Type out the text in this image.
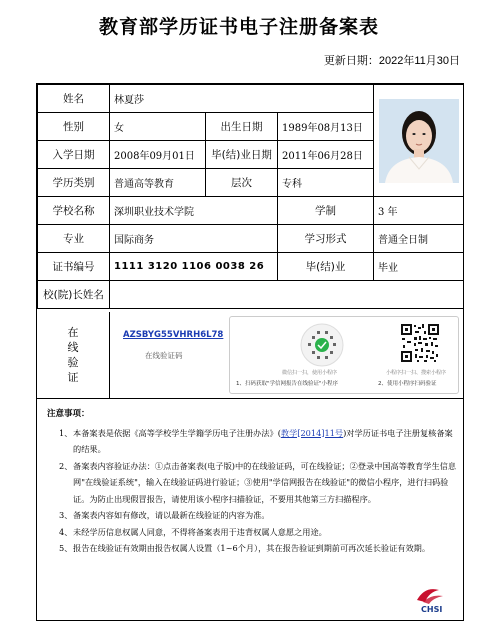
教育部学历证书电子注册备案表
更新日期：2022年11月30日
姓名	林夏莎	

性别	女	出生日期	1989年08月13日	
入学日期	2008年09月01日	毕(结)业日期	2011年06月28日	
学历类别	普通高等教育	层次	专科	
学校名称	深圳职业技术学院		学制	3 年
专业	国际商务		学习形式	普通全日制
证书编号	1111 3120 1106 0038 26		毕(结)业	毕业
校(院)长姓名				
在
线
验
证
AZSBYG55VHRH6L78
在线验证码
微信扫一扫，使用小程序
1、扫码获取"学信网报告在线验证"小程序
小程序扫一扫、搜索小程序
2、使用小程序扫码验证
注意事项：
1、 本备案表是依据《高等学校学生学籍学历电子注册办法》(教学[2014]11号)对学历证书电子注册复核备案的结果。
2、 备案表内容验证办法：①点击备案表(电子版)中的在线验证码，可在线验证；②登录中国高等教育学生信息网"在线验证系统"，输入在线验证码进行验证；③使用"学信网报告在线验证"的微信小程序，进行扫码验证。为防止出现假冒报告，请使用该小程序扫描验证，不要用其他第三方扫描程序。
3、 备案表内容如有修改，请以最新在线验证的内容为准。
4、 未经学历信息权属人同意，不得将备案表用于违背权属人意愿之用途。
5、 报告在线验证有效期由报告权属人设置（1~6个月），其在报告验证到期前可再次延长验证有效期。
CHSI
